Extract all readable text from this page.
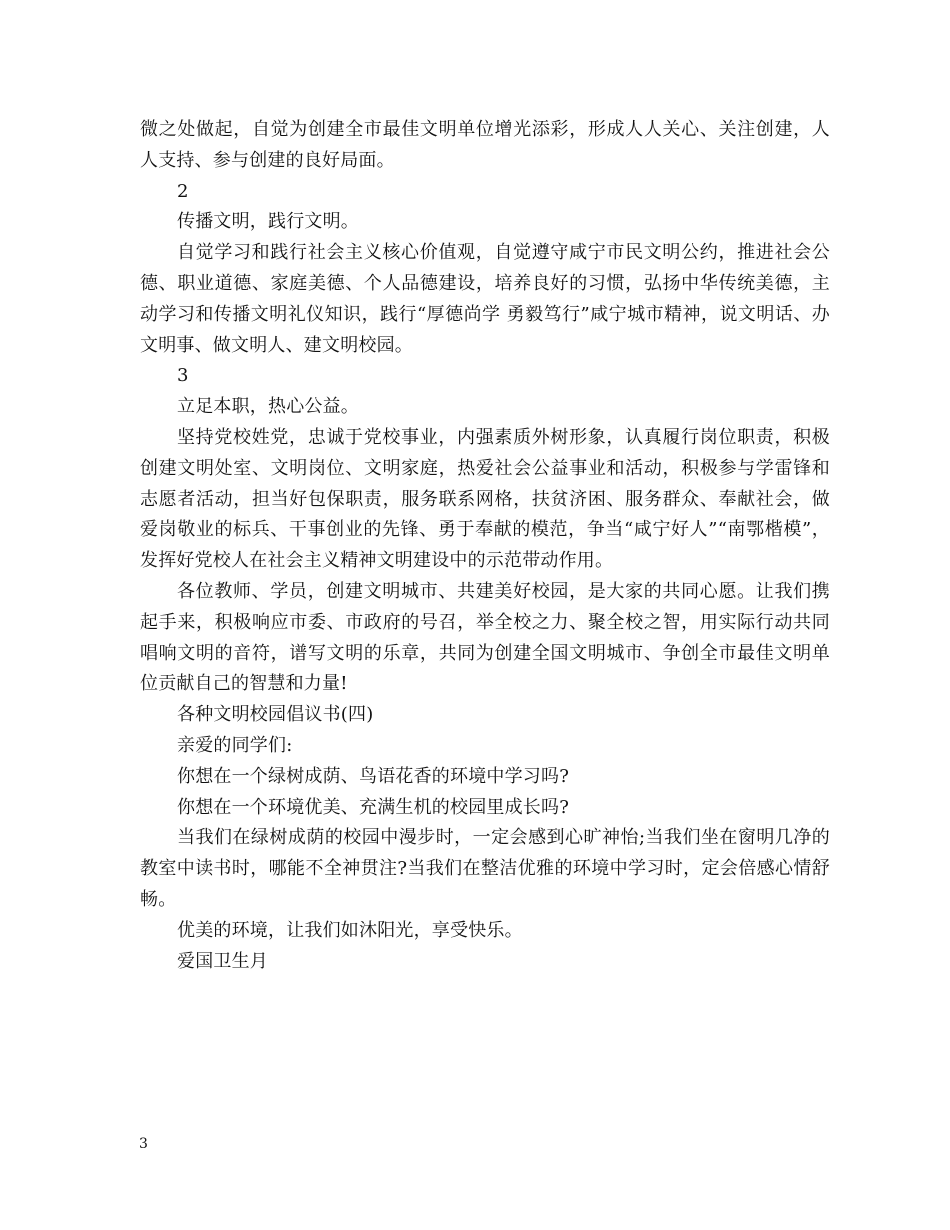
微之处做起，自觉为创建全市最佳文明单位增光添彩，形成人人关心、关注创建，人人支持、参与创建的良好局面。

2

传播文明，践行文明。

自觉学习和践行社会主义核心价值观，自觉遵守咸宁市民文明公约，推进社会公德、职业道德、家庭美德、个人品德建设，培养良好的习惯，弘扬中华传统美德，主动学习和传播文明礼仪知识，践行“厚德尚学 勇毅笃行”咸宁城市精神，说文明话、办文明事、做文明人、建文明校园。

3

立足本职，热心公益。

坚持党校姓党，忠诚于党校事业，内强素质外树形象，认真履行岗位职责，积极创建文明处室、文明岗位、文明家庭，热爱社会公益事业和活动，积极参与学雷锋和志愿者活动，担当好包保职责，服务联系网格，扶贫济困、服务群众、奉献社会，做爱岗敬业的标兵、干事创业的先锋、勇于奉献的模范，争当“咸宁好人”“南鄂楷模”，发挥好党校人在社会主义精神文明建设中的示范带动作用。

各位教师、学员，创建文明城市、共建美好校园，是大家的共同心愿。让我们携起手来，积极响应市委、市政府的号召，举全校之力、聚全校之智，用实际行动共同唱响文明的音符，谱写文明的乐章，共同为创建全国文明城市、争创全市最佳文明单位贡献自己的智慧和力量!

各种文明校园倡议书(四)

亲爱的同学们:

你想在一个绿树成荫、鸟语花香的环境中学习吗?

你想在一个环境优美、充满生机的校园里成长吗?

当我们在绿树成荫的校园中漫步时，一定会感到心旷神怡;当我们坐在窗明几净的教室中读书时，哪能不全神贯注?当我们在整洁优雅的环境中学习时，定会倍感心情舒畅。

优美的环境，让我们如沐阳光，享受快乐。

爱国卫生月

3
